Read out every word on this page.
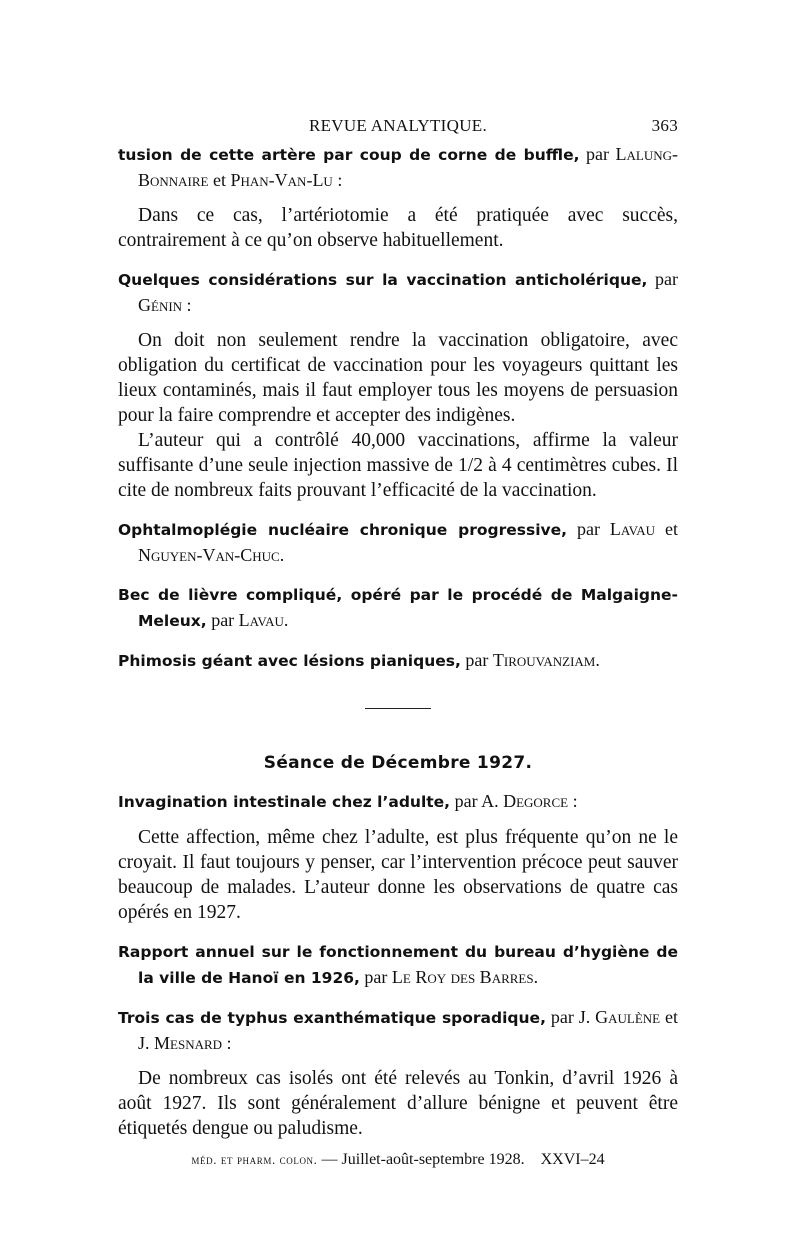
REVUE ANALYTIQUE.	363

tusion de cette artère par coup de corne de buffle, par Lalung-Bonnaire et Phan-Van-Lu :

Dans ce cas, l’artériotomie a été pratiquée avec succès, contrairement à ce qu’on observe habituellement.

Quelques considérations sur la vaccination anticholérique, par Génin :

On doit non seulement rendre la vaccination obligatoire, avec obligation du certificat de vaccination pour les voyageurs quittant les lieux contaminés, mais il faut employer tous les moyens de persuasion pour la faire comprendre et accepter des indigènes.

L’auteur qui a contrôlé 40,000 vaccinations, affirme la valeur suffisante d’une seule injection massive de 1/2 à 4 centimètres cubes. Il cite de nombreux faits prouvant l’efficacité de la vaccination.

Ophtalmoplégie nucléaire chronique progressive, par Lavau et Nguyen-Van-Chuc.

Bec de lièvre compliqué, opéré par le procédé de Malgaigne-Meleux, par Lavau.

Phimosis géant avec lésions pianiques, par Tirouvanziam.

Séance de Décembre 1927.

Invagination intestinale chez l’adulte, par A. Degorce :

Cette affection, même chez l’adulte, est plus fréquente qu’on ne le croyait. Il faut toujours y penser, car l’intervention précoce peut sauver beaucoup de malades. L’auteur donne les observations de quatre cas opérés en 1927.

Rapport annuel sur le fonctionnement du bureau d’hygiène de la ville de Hanoï en 1926, par Le Roy des Barres.

Trois cas de typhus exanthématique sporadique, par J. Gaulène et J. Mesnard :

De nombreux cas isolés ont été relevés au Tonkin, d’avril 1926 à août 1927. Ils sont généralement d’allure bénigne et peuvent être étiquetés dengue ou paludisme.

méd. et pharm. colon. — Juillet-août-septembre 1928. XXVI–24
